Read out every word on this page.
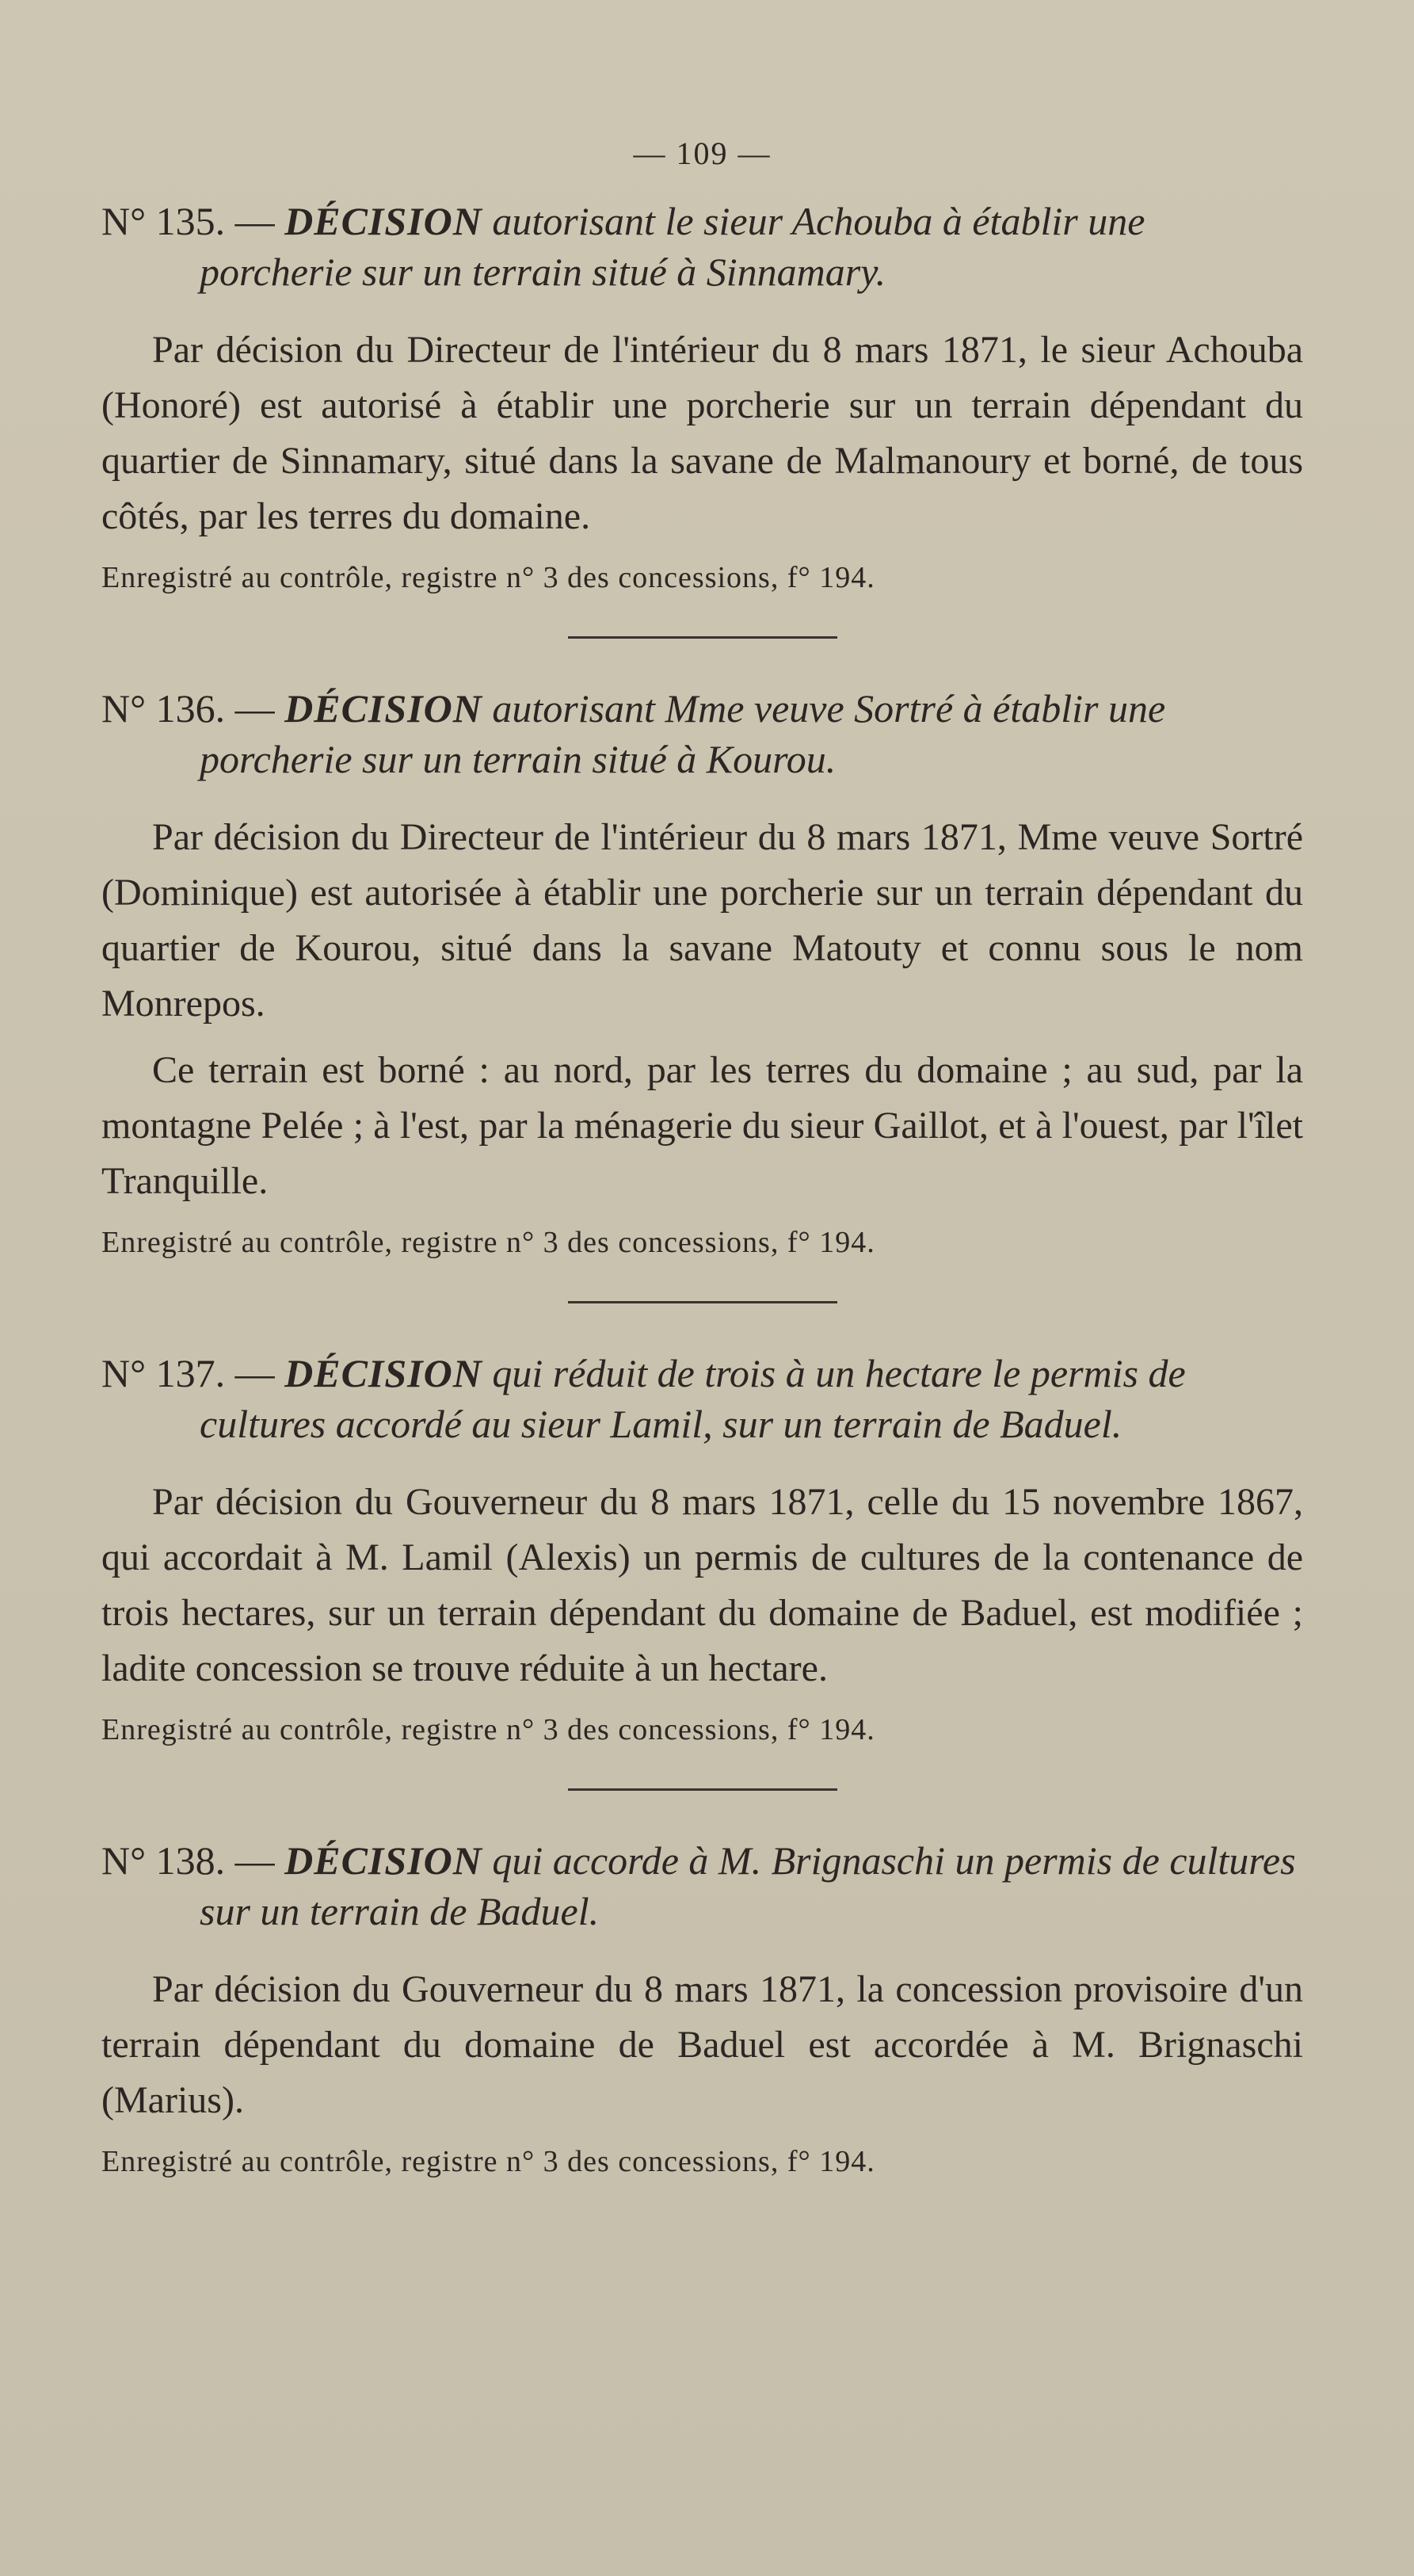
— 109 —
N° 135. — DÉCISION autorisant le sieur Achouba à établir une porcherie sur un terrain situé à Sinnamary.

Par décision du Directeur de l'intérieur du 8 mars 1871, le sieur Achouba (Honoré) est autorisé à établir une porcherie sur un terrain dépendant du quartier de Sinnamary, situé dans la savane de Malmanoury et borné, de tous côtés, par les terres du domaine.

Enregistré au contrôle, registre n° 3 des concessions, f° 194.
N° 136. — DÉCISION autorisant Mme veuve Sortré à établir une porcherie sur un terrain situé à Kourou.

Par décision du Directeur de l'intérieur du 8 mars 1871, Mme veuve Sortré (Dominique) est autorisée à établir une porcherie sur un terrain dépendant du quartier de Kourou, situé dans la savane Matouty et connu sous le nom Monrepos.

Ce terrain est borné : au nord, par les terres du domaine ; au sud, par la montagne Pelée ; à l'est, par la ménagerie du sieur Gaillot, et à l'ouest, par l'îlet Tranquille.

Enregistré au contrôle, registre n° 3 des concessions, f° 194.
N° 137. — DÉCISION qui réduit de trois à un hectare le permis de cultures accordé au sieur Lamil, sur un terrain de Baduel.

Par décision du Gouverneur du 8 mars 1871, celle du 15 novembre 1867, qui accordait à M. Lamil (Alexis) un permis de cultures de la contenance de trois hectares, sur un terrain dépendant du domaine de Baduel, est modifiée ; ladite concession se trouve réduite à un hectare.

Enregistré au contrôle, registre n° 3 des concessions, f° 194.
N° 138. — DÉCISION qui accorde à M. Brignaschi un permis de cultures sur un terrain de Baduel.

Par décision du Gouverneur du 8 mars 1871, la concession provisoire d'un terrain dépendant du domaine de Baduel est accordée à M. Brignaschi (Marius).

Enregistré au contrôle, registre n° 3 des concessions, f° 194.
